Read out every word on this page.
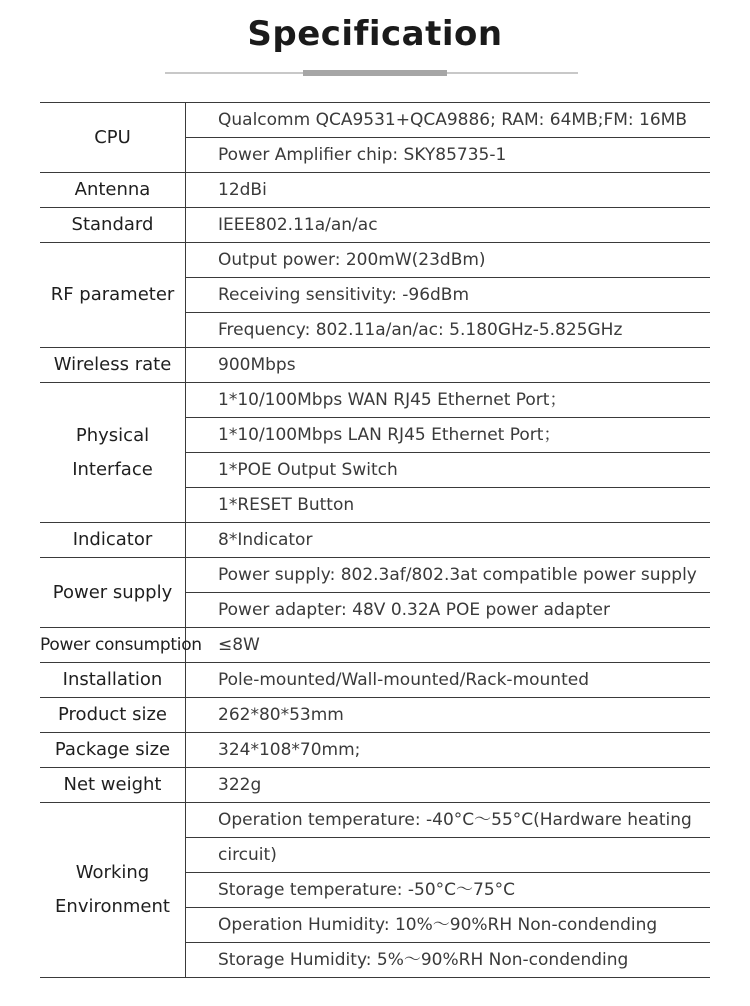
Specification
CPU	Qualcomm QCA9531+QCA9886; RAM: 64MB;FM: 16MB
	Power Amplifier chip: SKY85735-1
Antenna	12dBi
Standard	IEEE802.11a/an/ac
RF parameter	Output power: 200mW(23dBm)
	Receiving sensitivity: -96dBm
	Frequency: 802.11a/an/ac: 5.180GHz-5.825GHz
Wireless rate	900Mbps

Physical
Interface	1*10/100Mbps WAN RJ45 Ethernet Port；
	1*10/100Mbps LAN RJ45 Ethernet Port；
	1*POE Output Switch
	1*RESET Button
Indicator	8*Indicator
Power supply	Power supply: 802.3af/802.3at compatible power supply
	Power adapter: 48V 0.32A POE power adapter
Power consumption	≤8W
Installation	Pole-mounted/Wall-mounted/Rack-mounted
Product size	262*80*53mm
Package size	324*108*70mm;
Net weight	322g

Working
Environment	Operation temperature: -40°C～55°C(Hardware heating
	circuit)
	Storage temperature: -50°C～75°C
	Operation Humidity: 10%～90%RH Non-condending
	Storage Humidity: 5%～90%RH Non-condending
